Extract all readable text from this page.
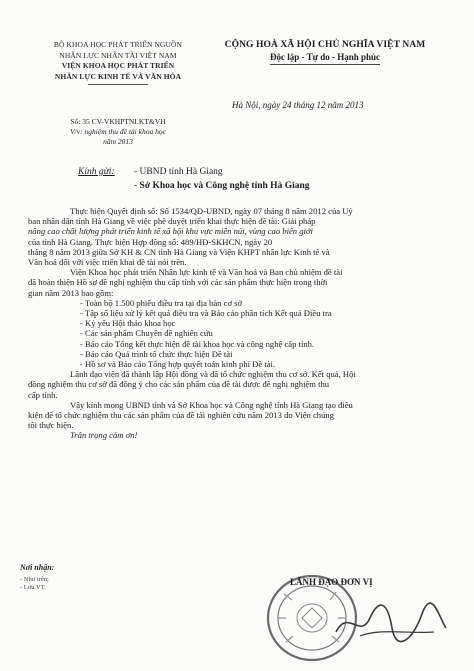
BỘ KHOA HỌC PHÁT TRIỂN NGUỒN
NHÂN LỰC NHÂN TÀI VIỆT NAM
VIỆN KHOA HỌC PHÁT TRIỂN
NHÂN LỰC KINH TẾ VÀ VĂN HÓA
CỘNG HOÀ XÃ HỘI CHỦ NGHĨA VIỆT NAM
Độc lập - Tự do - Hạnh phúc
Số: 35 CV-VKHPTNLKT&VH
V/v: nghiệm thu đề tài khoa học
năm 2013
Hà Nội, ngày 24 tháng 12 năm 2013
Kính gửi: - UBND tỉnh Hà Giang
- Sở Khoa học và Công nghệ tỉnh Hà Giang

Thực hiện Quyết định số: Số 1534/QĐ-UBND, ngày 07 tháng 8 năm 2012 của Uỷ

ban nhân dân tỉnh Hà Giang về việc phê duyệt triển khai thực hiện đề tài: Giải pháp

nâng cao chất lượng phát triển kinh tế xã hội khu vực miền núi, vùng cao biên giới

của tỉnh Hà Giang. Thực hiện Hợp đồng số: 489/HĐ-SKHCN, ngày 20

tháng 8 năm 2013 giữa Sở KH & CN tỉnh Hà Giang và Viện KHPT nhân lực Kinh tế và

Văn hoá đối với việc triển khai đề tài nói trên.

Viện Khoa học phát triển Nhân lực kinh tế và Văn hoá và Ban chủ nhiệm đề tài

đã hoàn thiện Hồ sơ đề nghị nghiệm thu cấp tỉnh với các sản phẩm thực hiện trong thời

gian năm 2013 bao gồm:

- Toàn bộ 1.500 phiếu điều tra tại địa bàn cơ sở

- Tập số liệu xử lý kết quả điều tra và Báo cáo phân tích Kết quả Điều tra

- Kỷ yếu Hội thảo khoa học

- Các sản phẩm Chuyên đề nghiên cứu

- Báo cáo Tổng kết thực hiện đề tài khoa học và công nghệ cấp tỉnh.

- Báo cáo Quá trình tổ chức thực hiện Đề tài

- Hồ sơ và Báo cáo Tổng hợp quyết toán kinh phí Đề tài.

Lãnh đạo viện đã thành lập Hội đồng và đã tổ chức nghiệm thu cơ sở. Kết quả, Hội

đồng nghiệm thu cơ sở đã đồng ý cho các sản phẩm của đề tài được đề nghị nghiệm thu

cấp tỉnh.

Vậy kính mong UBND tỉnh và Sở Khoa học và Công nghệ tỉnh Hà Giang tạo điều

kiện để tổ chức nghiệm thu các sản phẩm của đề tài nghiên cứu năm 2013 do Viện chúng

tôi thực hiện.

Trân trọng cảm ơn!

Nơi nhận:
- Như trên;
- Lưu VT.
LÃNH ĐẠO ĐƠN VỊ
